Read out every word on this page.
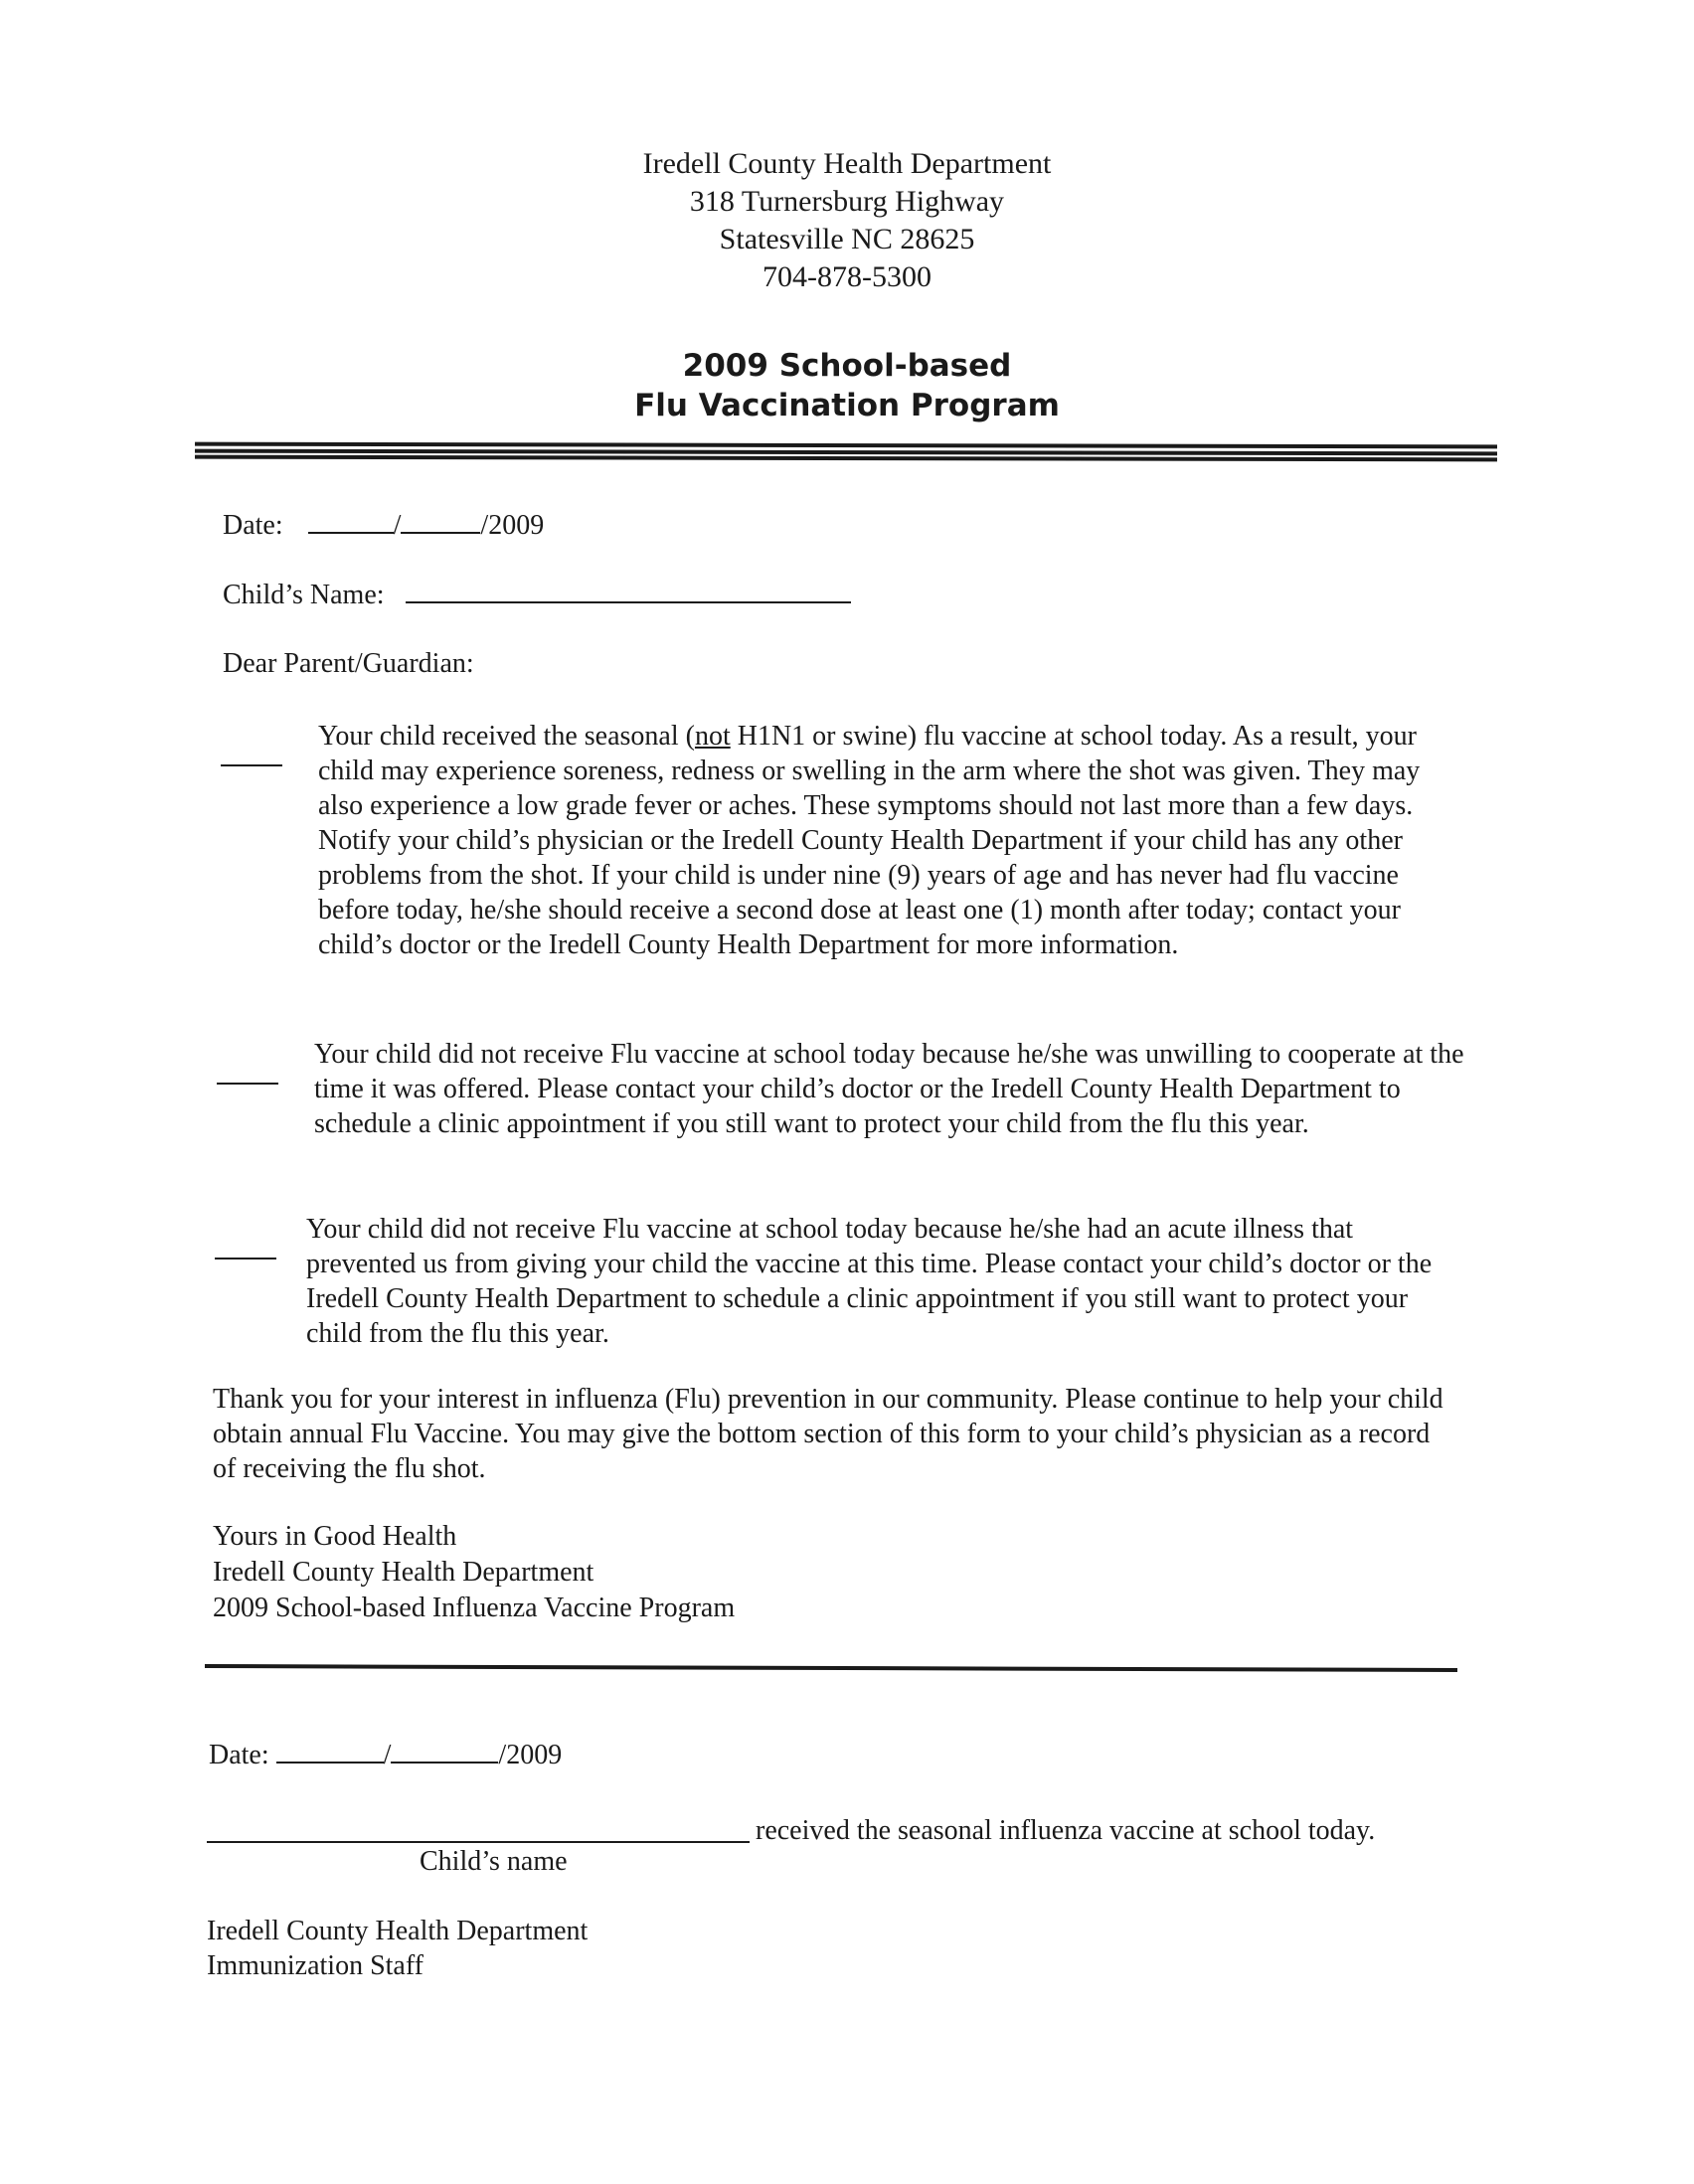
Iredell County Health Department
318 Turnersburg Highway
Statesville NC 28625
704-878-5300
2009 School-based
Flu Vaccination Program
Date:	/	/2009
Child’s Name:
Dear Parent/Guardian:

Your child received the seasonal (not H1N1 or swine) flu vaccine at school today. As a result, your child may experience soreness, redness or swelling in the arm where the shot was given. They may also experience a low grade fever or aches. These symptoms should not last more than a few days. Notify your child’s physician or the Iredell County Health Department if your child has any other problems from the shot. If your child is under nine (9) years of age and has never had flu vaccine before today, he/she should receive a second dose at least one (1) month after today; contact your child’s doctor or the Iredell County Health Department for more information.

Your child did not receive Flu vaccine at school today because he/she was unwilling to cooperate at the time it was offered. Please contact your child’s doctor or the Iredell County Health Department to schedule a clinic appointment if you still want to protect your child from the flu this year.
Your child did not receive Flu vaccine at school today because he/she had an acute illness that prevented us from giving your child the vaccine at this time. Please contact your child’s doctor or the Iredell County Health Department to schedule a clinic appointment if you still want to protect your child from the flu this year.
Thank you for your interest in influenza (Flu) prevention in our community. Please continue to help your child obtain annual Flu Vaccine. You may give the bottom section of this form to your child’s physician as a record of receiving the flu shot.
Yours in Good Health
Iredell County Health Department
2009 School-based Influenza Vaccine Program
Date:	/	/2009
received the seasonal influenza vaccine at school today.
Child’s name
Iredell County Health Department
Immunization Staff
